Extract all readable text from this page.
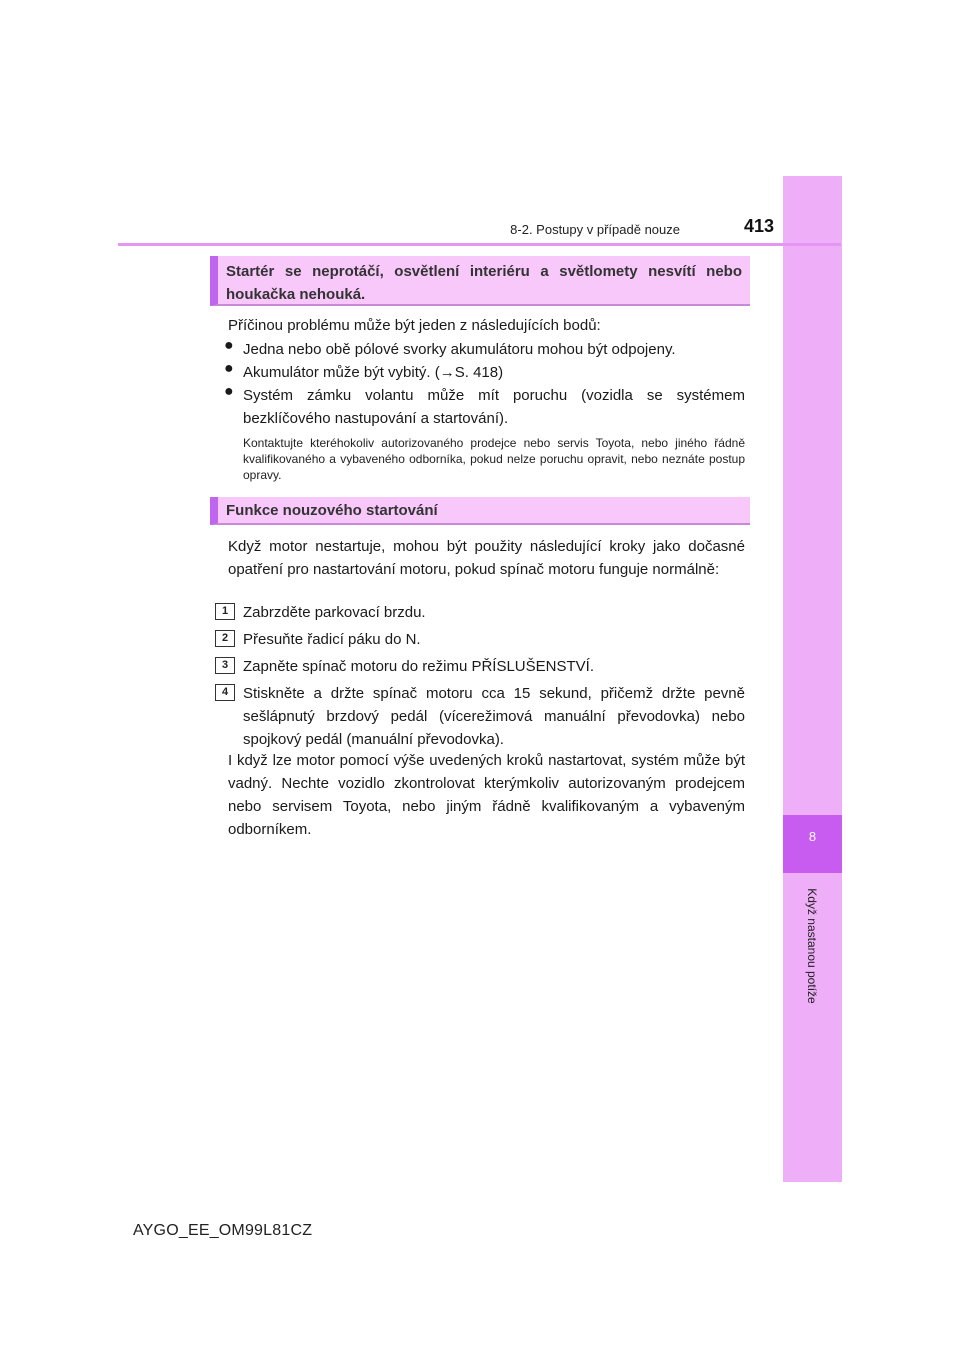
8
Když nastanou potíže
8-2. Postupy v případě nouze	413
Startér se neprotáčí, osvětlení interiéru a světlomety nesvítí nebo houkačka nehouká.
Příčinou problému může být jeden z následujících bodů:
● Jedna nebo obě pólové svorky akumulátoru mohou být odpojeny.
● Akumulátor může být vybitý. (→S. 418)
● Systém zámku volantu může mít poruchu (vozidla se systémem bezklíčového nastupování a startování).
Kontaktujte kteréhokoliv autorizovaného prodejce nebo servis Toyota, nebo jiného řádně kvalifikovaného a vybaveného odborníka, pokud nelze poruchu opravit, nebo neznáte postup opravy.
Funkce nouzového startování
Když motor nestartuje, mohou být použity následující kroky jako dočasné opatření pro nastartování motoru, pokud spínač motoru funguje normálně:
1 Zabrzděte parkovací brzdu.
2 Přesuňte řadicí páku do N.
3 Zapněte spínač motoru do režimu PŘÍSLUŠENSTVÍ.
4 Stiskněte a držte spínač motoru cca 15 sekund, přičemž držte pevně sešlápnutý brzdový pedál (vícerežimová manuální převodovka) nebo spojkový pedál (manuální převodovka).
I když lze motor pomocí výše uvedených kroků nastartovat, systém může být vadný. Nechte vozidlo zkontrolovat kterýmkoliv autorizovaným prodejcem nebo servisem Toyota, nebo jiným řádně kvalifikovaným a vybaveným odborníkem.
AYGO_EE_OM99L81CZ
